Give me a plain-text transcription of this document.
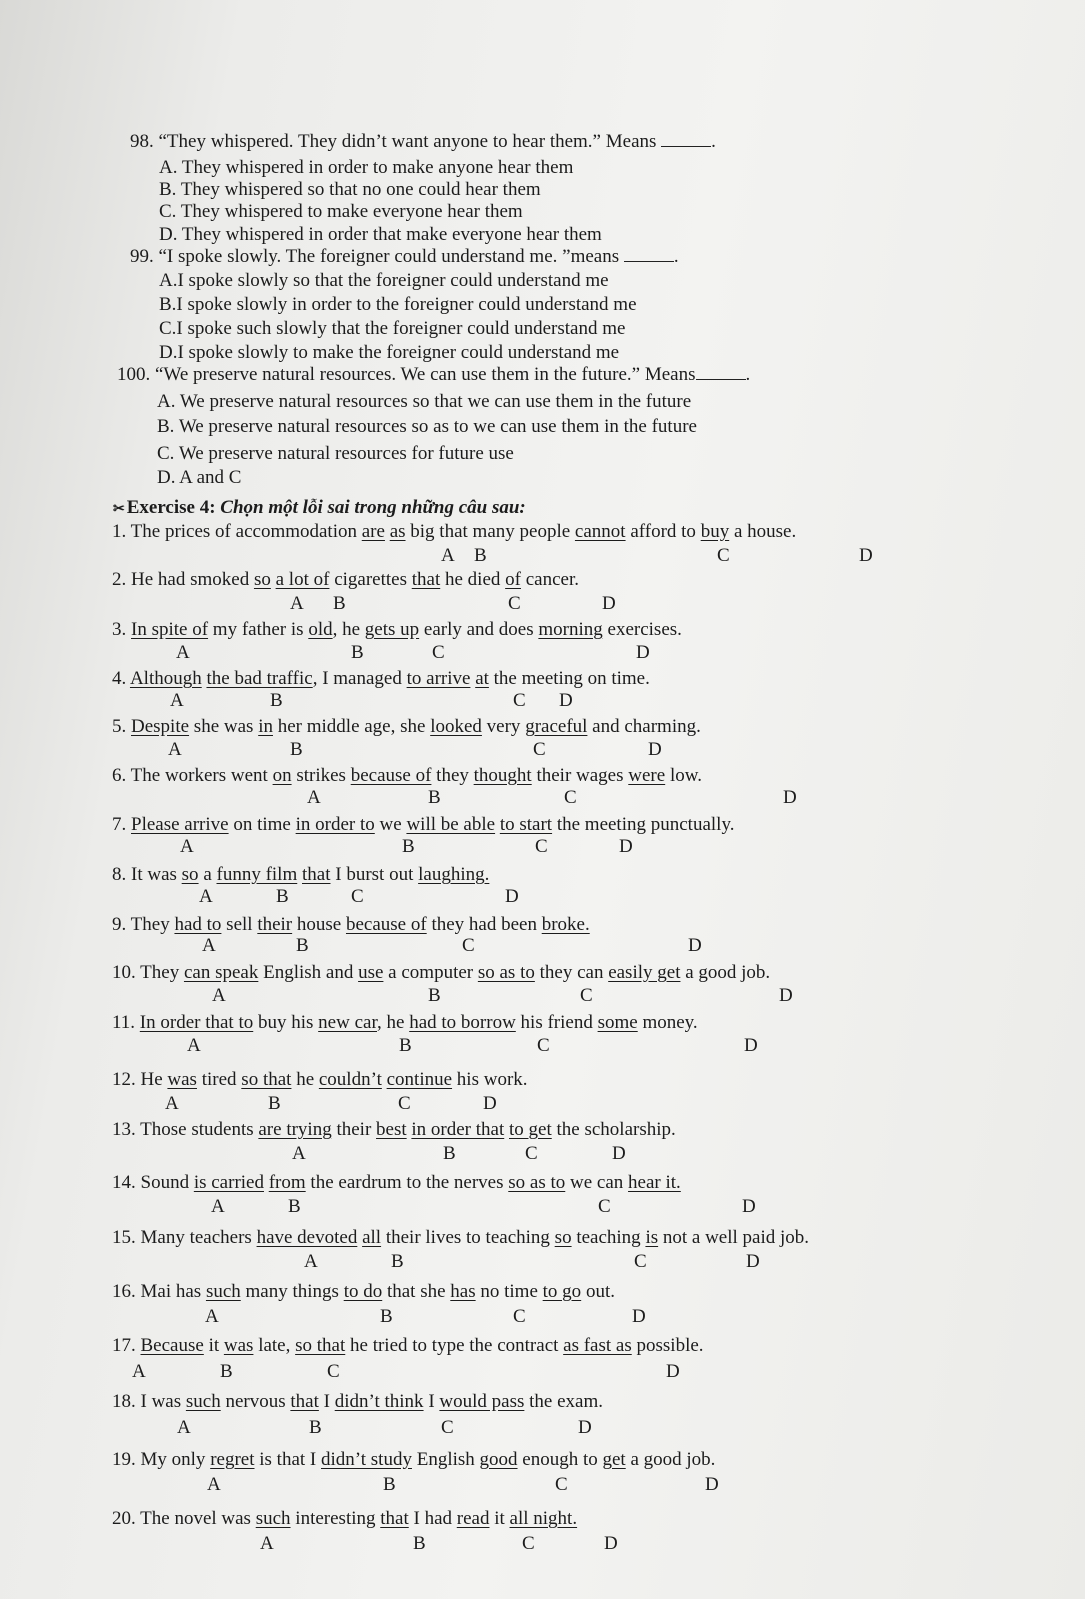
98. “They whispered. They didn’t want anyone to hear them.” Means	.
A. They whispered in order to make anyone hear them
B. They whispered so that no one could hear them
C. They whispered to make everyone hear them
D. They whispered in order that make everyone hear them
99. “I spoke slowly. The foreigner could understand me. ”means	.
A.I spoke slowly so that the foreigner could understand me
B.I spoke slowly in order to the foreigner could understand me
C.I spoke such slowly that the foreigner could understand me
D.I spoke slowly to make the foreigner could understand me
100. “We preserve natural resources. We can use them in the future.” Means	.
A. We preserve natural resources so that we can use them in the future
B. We preserve natural resources so as to we can use them in the future
C. We preserve natural resources for future use
D. A and C
✂ Exercise 4: Chọn một lỗi sai trong những câu sau:
1. The prices of accommodation are as big that many people cannot afford to buy a house.
A B	C	D
2. He had smoked so a lot of cigarettes that he died of cancer.
A B	C	D
3. In spite of my father is old, he gets up early and does morning exercises.
A	B	C	D
4. Although the bad traffic, I managed to arrive at the meeting on time.
A	B	C D
5. Despite she was in her middle age, she looked very graceful and charming.
A	B	C	D
6. The workers went on strikes because of they thought their wages were low.
A	B	C	D
7. Please arrive on time in order to we will be able to start the meeting punctually.
A	B	C	D
8. It was so a funny film that I burst out laughing.
A	B	C	D
9. They had to sell their house because of they had been broke.
A	B	C	D
10. They can speak English and use a computer so as to they can easily get a good job.
A	B	C	D
11. In order that to buy his new car, he had to borrow his friend some money.
A	B	C	D
12. He was tired so that he couldn’t continue his work.
A	B	C	D
13. Those students are trying their best in order that to get the scholarship.
A	B	C	D
14. Sound is carried from the eardrum to the nerves so as to we can hear it.
A	B	C	D
15. Many teachers have devoted all their lives to teaching so teaching is not a well paid job.
A	B	C	D
16. Mai has such many things to do that she has no time to go out.
A	B	C	D
17. Because it was late, so that he tried to type the contract as fast as possible.
A	B	C	D
18. I was such nervous that I didn’t think I would pass the exam.
A	B	C	D
19. My only regret is that I didn’t study English good enough to get a good job.
A	B	C	D
20. The novel was such interesting that I had read it all night.
A	B	C	D
